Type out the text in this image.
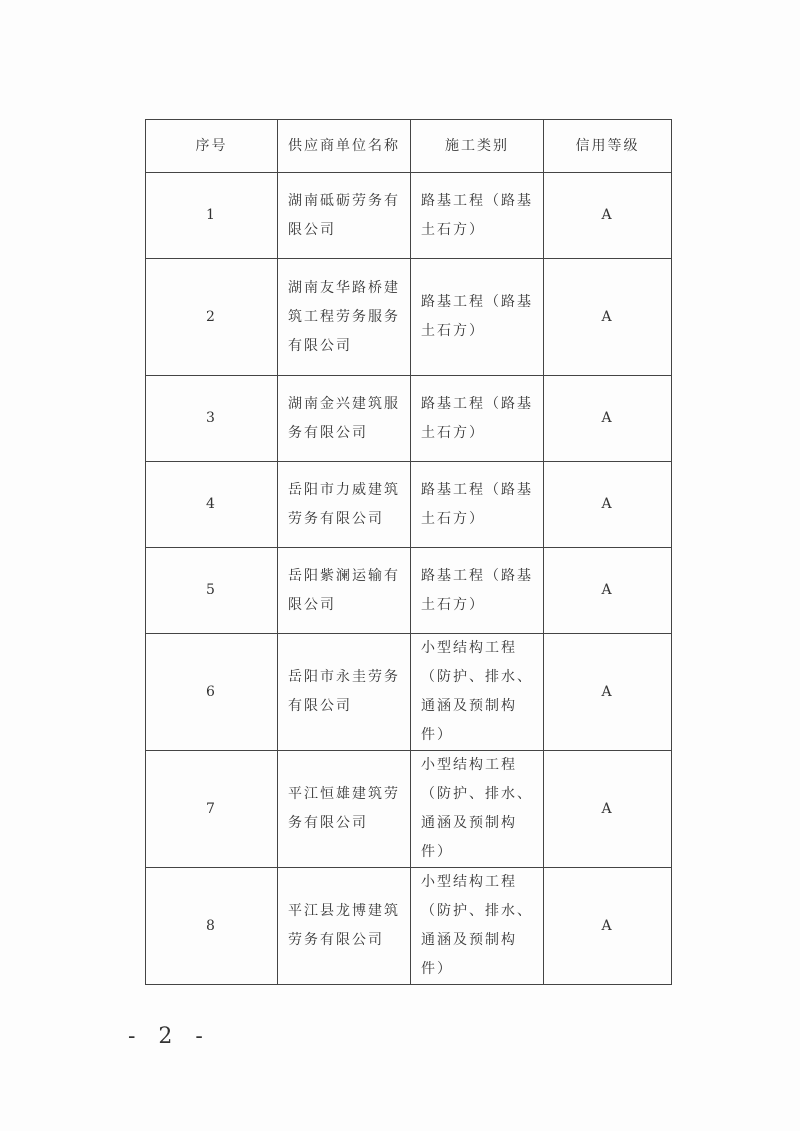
序号	供应商单位名称	施工类别	信用等级
1	湖南砥砺劳务有限公司	路基工程（路基土石方）	A
2	湖南友华路桥建筑工程劳务服务有限公司	路基工程（路基土石方）	A
3	湖南金兴建筑服务有限公司	路基工程（路基土石方）	A
4	岳阳市力威建筑劳务有限公司	路基工程（路基土石方）	A
5	岳阳紫澜运输有限公司	路基工程（路基土石方）	A
6	岳阳市永圭劳务有限公司	小型结构工程（防护、排水、通涵及预制构件）	A
7	平江恒雄建筑劳务有限公司	小型结构工程（防护、排水、通涵及预制构件）	A
8	平江县龙博建筑劳务有限公司	小型结构工程（防护、排水、通涵及预制构件）	A
- 2 -
